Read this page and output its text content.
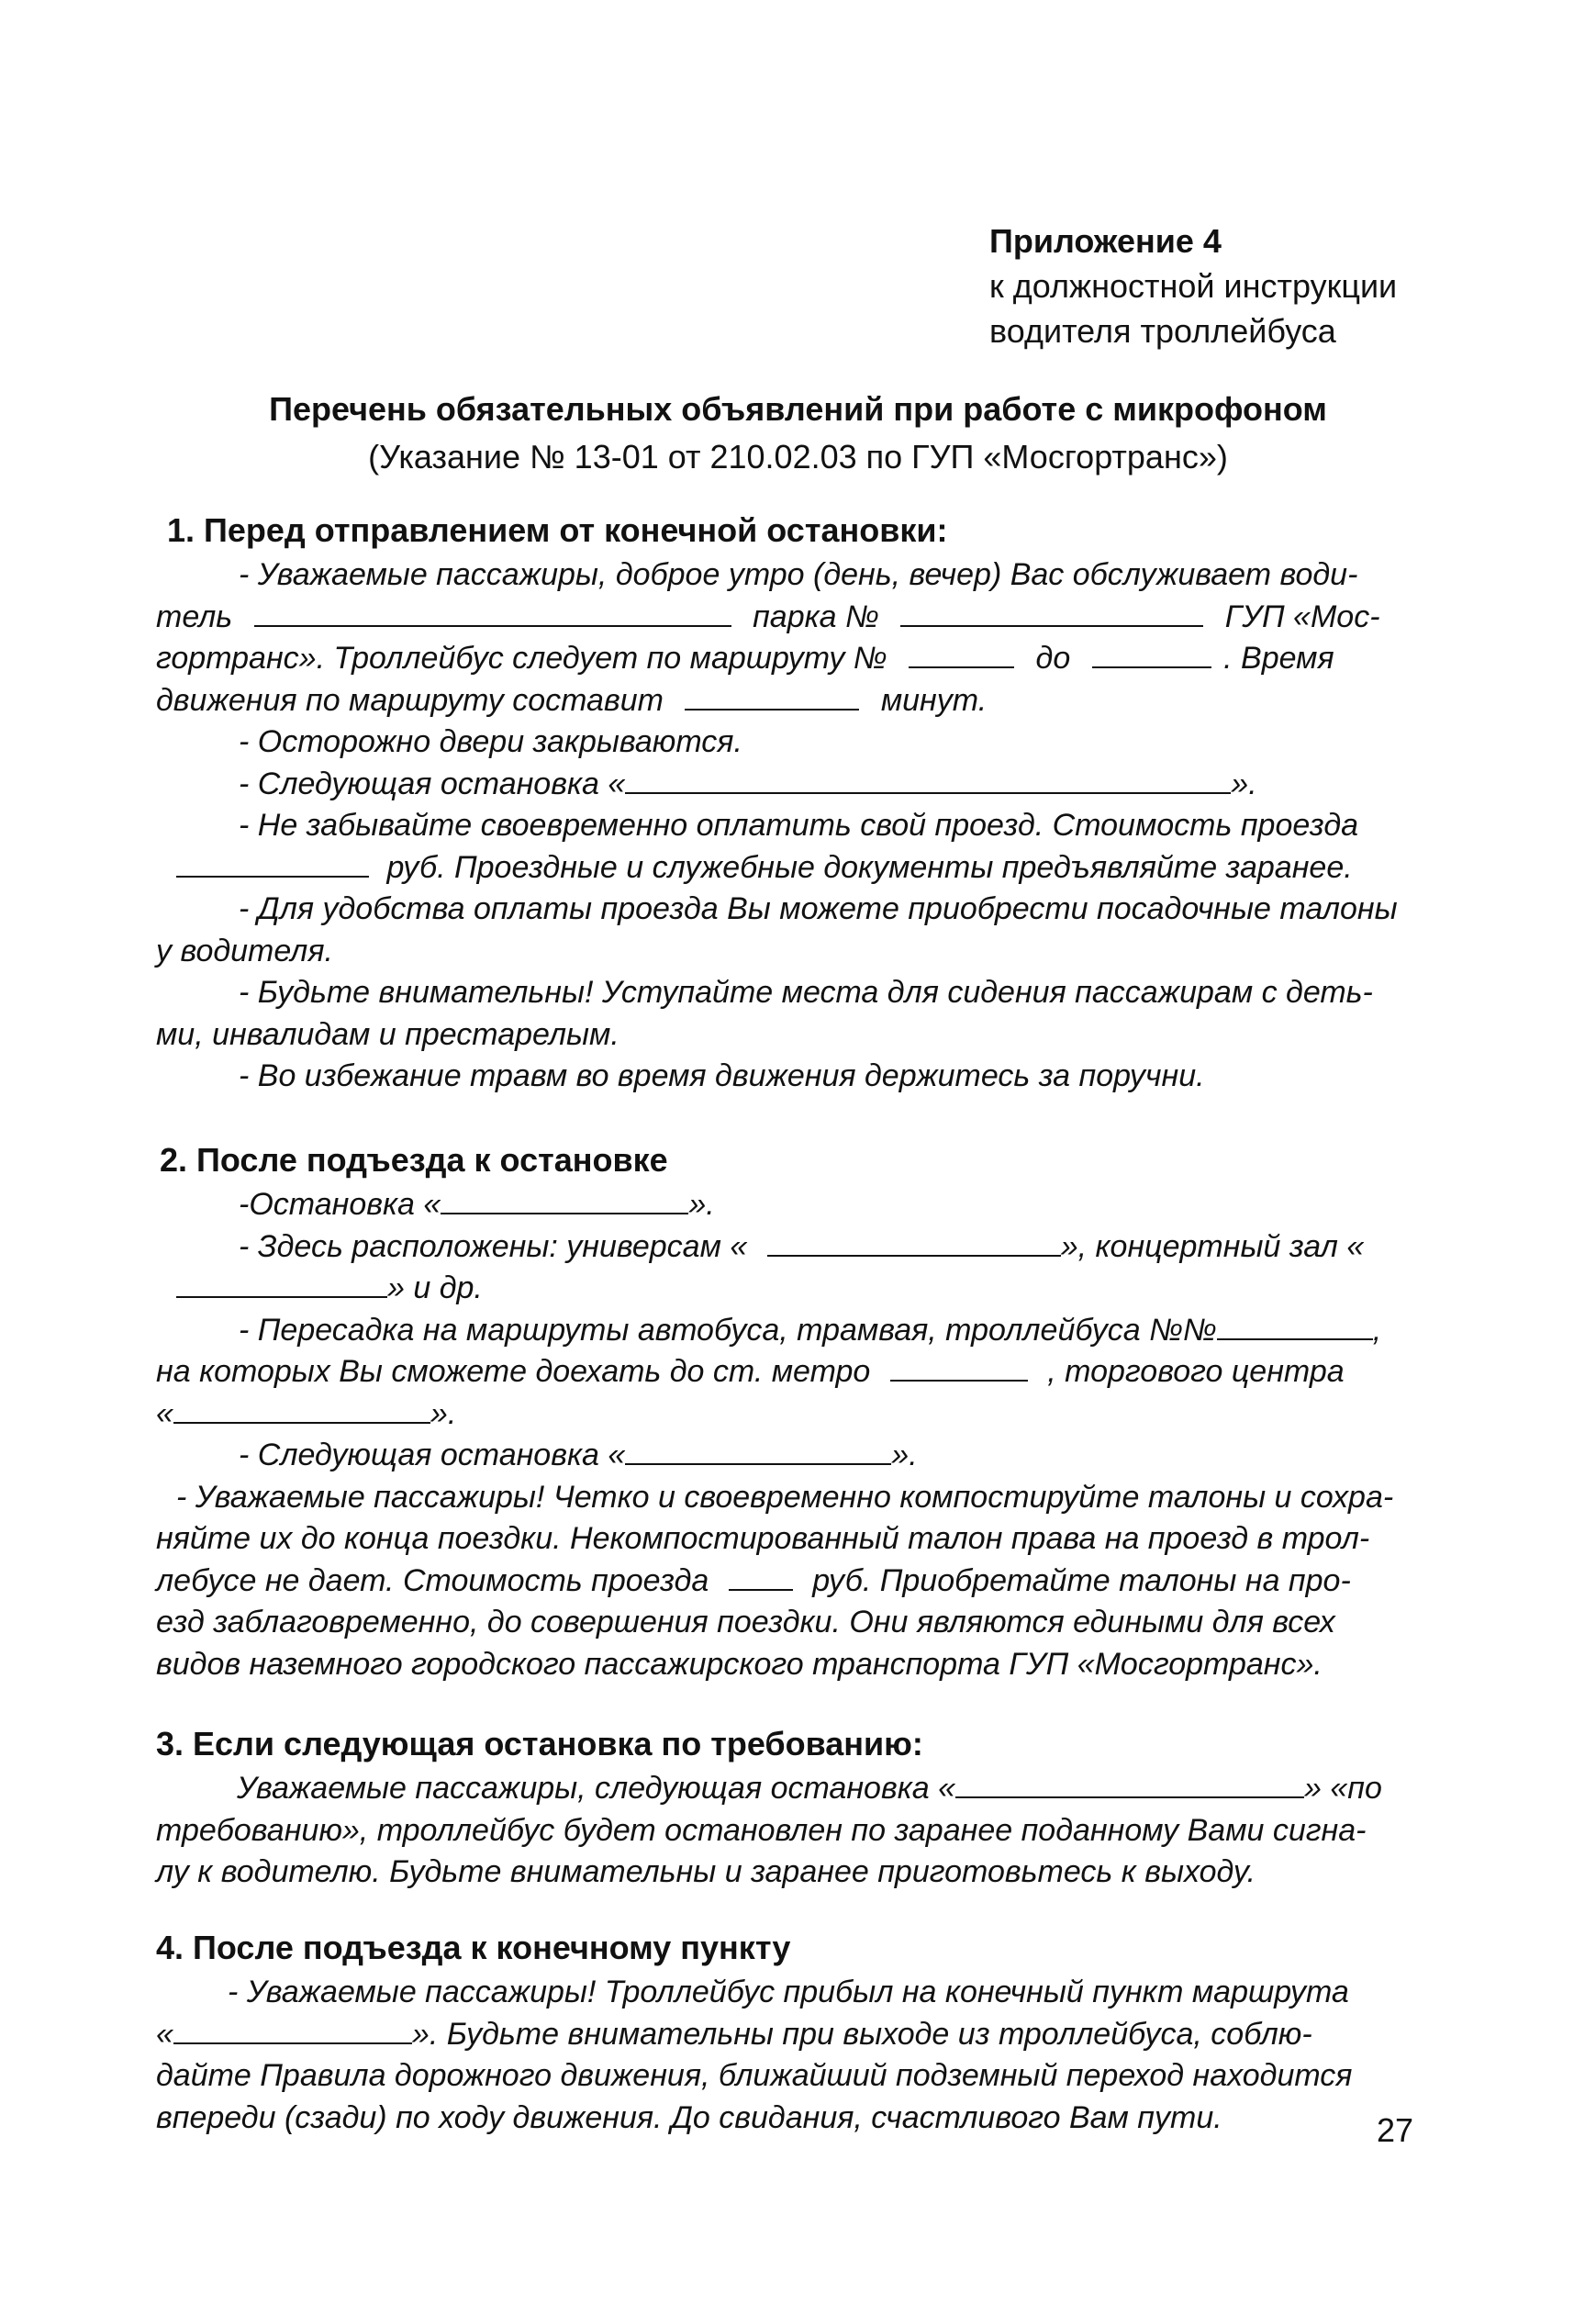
Приложение 4
к должностной инструкции
водителя троллейбуса
Перечень обязательных объявлений при работе с микрофоном
(Указание № 13-01 от 210.02.03 по ГУП «Мосгортранс»)
1. Перед отправлением от конечной остановки:
- Уважаемые пассажиры, доброе утро (день, вечер) Вас обслуживает води-
тель	парка №	ГУП «Мос-
гортранс». Троллейбус следует по маршруту №	до	. Время
движения по маршруту составит	минут.
- Осторожно двери закрываются.
- Следующая остановка «	».
- Не забывайте своевременно оплатить свой проезд. Стоимость проезда
руб. Проездные и служебные документы предъявляйте заранее.
- Для удобства оплаты проезда Вы можете приобрести посадочные талоны
у водителя.
- Будьте внимательны! Уступайте места для сидения пассажирам с деть-
ми, инвалидам и престарелым.
- Во избежание травм во время движения держитесь за поручни.
2. После подъезда к остановке
-Остановка «	».
- Здесь расположены: универсам «	», концертный зал «
» и др.
- Пересадка на маршруты автобуса, трамвая, троллейбуса №№	,
на которых Вы сможете доехать до ст. метро	, торгового центра
«	».
- Следующая остановка «	».
- Уважаемые пассажиры! Четко и своевременно компостируйте талоны и сохра-
няйте их до конца поездки. Некомпостированный талон права на проезд в трол-
лебусе не дает. Стоимость проезда	руб. Приобретайте талоны на про-
езд заблаговременно, до совершения поездки. Они являются едиными для всех
видов наземного городского пассажирского транспорта ГУП «Мосгортранс».
3. Если следующая остановка по требованию:
Уважаемые пассажиры, следующая остановка «	» «по
требованию», троллейбус будет остановлен по заранее поданному Вами сигна-
лу к водителю. Будьте внимательны и заранее приготовьтесь к выходу.
4. После подъезда к конечному пункту
- Уважаемые пассажиры! Троллейбус прибыл на конечный пункт маршрута
«	». Будьте внимательны при выходе из троллейбуса, соблю-
дайте Правила дорожного движения, ближайший подземный переход находится
впереди (сзади) по ходу движения. До свидания, счастливого Вам пути.	27
